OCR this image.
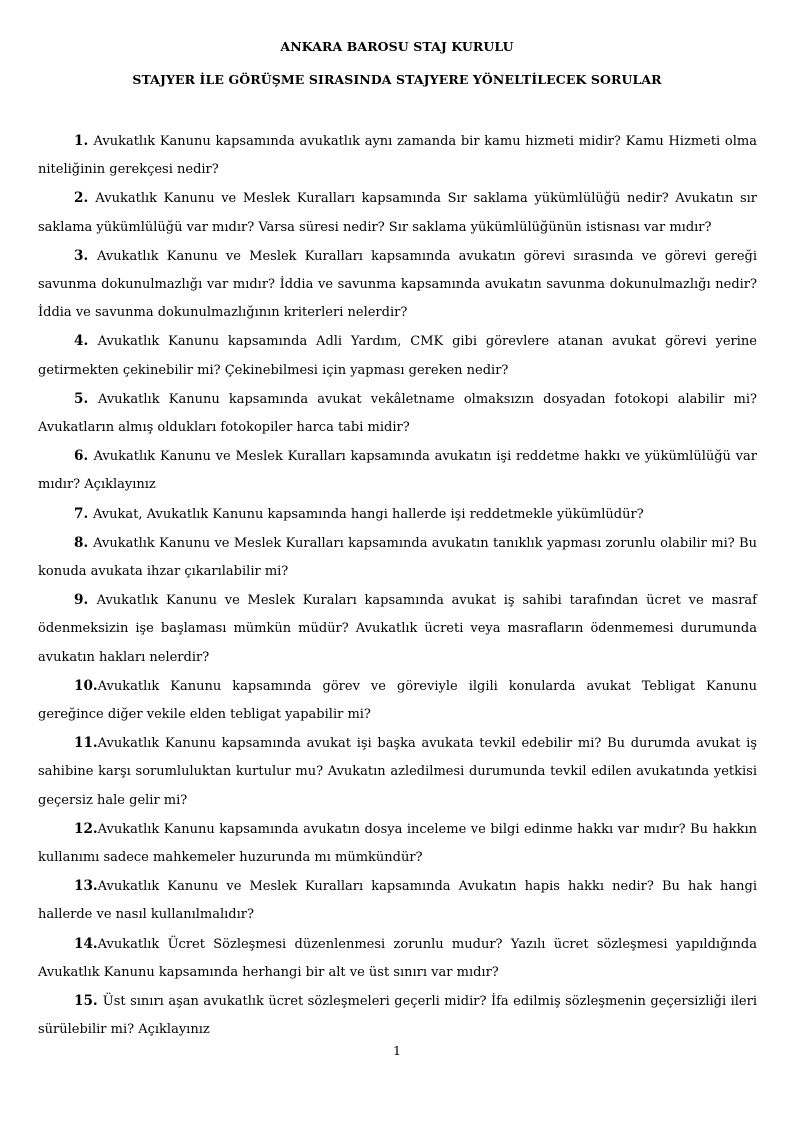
ANKARA BAROSU STAJ KURULU
STAJYER İLE GÖRÜŞME SIRASINDA STAJYERE YÖNELTİLECEK SORULAR
1. Avukatlık Kanunu kapsamında avukatlık aynı zamanda bir kamu hizmeti midir? Kamu Hizmeti olma niteliğinin gerekçesi nedir?
2. Avukatlık Kanunu ve Meslek Kuralları kapsamında Sır saklama yükümlülüğü nedir? Avukatın sır saklama yükümlülüğü var mıdır? Varsa süresi nedir? Sır saklama yükümlülüğünün istisnası var mıdır?
3. Avukatlık Kanunu ve Meslek Kuralları kapsamında avukatın görevi sırasında ve görevi gereği savunma dokunulmazlığı var mıdır? İddia ve savunma kapsamında avukatın savunma dokunulmazlığı nedir? İddia ve savunma dokunulmazlığının kriterleri nelerdir?
4. Avukatlık Kanunu kapsamında Adli Yardım, CMK gibi görevlere atanan avukat görevi yerine getirmekten çekinebilir mi? Çekinebilmesi için yapması gereken nedir?
5. Avukatlık Kanunu kapsamında avukat vekâletname olmaksızın dosyadan fotokopi alabilir mi? Avukatların almış oldukları fotokopiler harca tabi midir?
6. Avukatlık Kanunu ve Meslek Kuralları kapsamında avukatın işi reddetme hakkı ve yükümlülüğü var mıdır? Açıklayınız
7. Avukat, Avukatlık Kanunu kapsamında hangi hallerde işi reddetmekle yükümlüdür?
8. Avukatlık Kanunu ve Meslek Kuralları kapsamında avukatın tanıklık yapması zorunlu olabilir mi? Bu konuda avukata ihzar çıkarılabilir mi?
9. Avukatlık Kanunu ve Meslek Kuraları kapsamında avukat iş sahibi tarafından ücret ve masraf ödenmeksizin işe başlaması mümkün müdür? Avukatlık ücreti veya masrafların ödenmemesi durumunda avukatın hakları nelerdir?
10.Avukatlık Kanunu kapsamında görev ve göreviyle ilgili konularda avukat Tebligat Kanunu gereğince diğer vekile elden tebligat yapabilir mi?
11.Avukatlık Kanunu kapsamında avukat işi başka avukata tevkil edebilir mi? Bu durumda avukat iş sahibine karşı sorumluluktan kurtulur mu? Avukatın azledilmesi durumunda tevkil edilen avukatında yetkisi geçersiz hale gelir mi?
12.Avukatlık Kanunu kapsamında avukatın dosya inceleme ve bilgi edinme hakkı var mıdır? Bu hakkın kullanımı sadece mahkemeler huzurunda mı mümkündür?
13.Avukatlık Kanunu ve Meslek Kuralları kapsamında Avukatın hapis hakkı nedir? Bu hak hangi hallerde ve nasıl kullanılmalıdır?
14.Avukatlık Ücret Sözleşmesi düzenlenmesi zorunlu mudur? Yazılı ücret sözleşmesi yapıldığında Avukatlık Kanunu kapsamında herhangi bir alt ve üst sınırı var mıdır?
15. Üst sınırı aşan avukatlık ücret sözleşmeleri geçerli midir? İfa edilmiş sözleşmenin geçersizliği ileri sürülebilir mi? Açıklayınız
1
